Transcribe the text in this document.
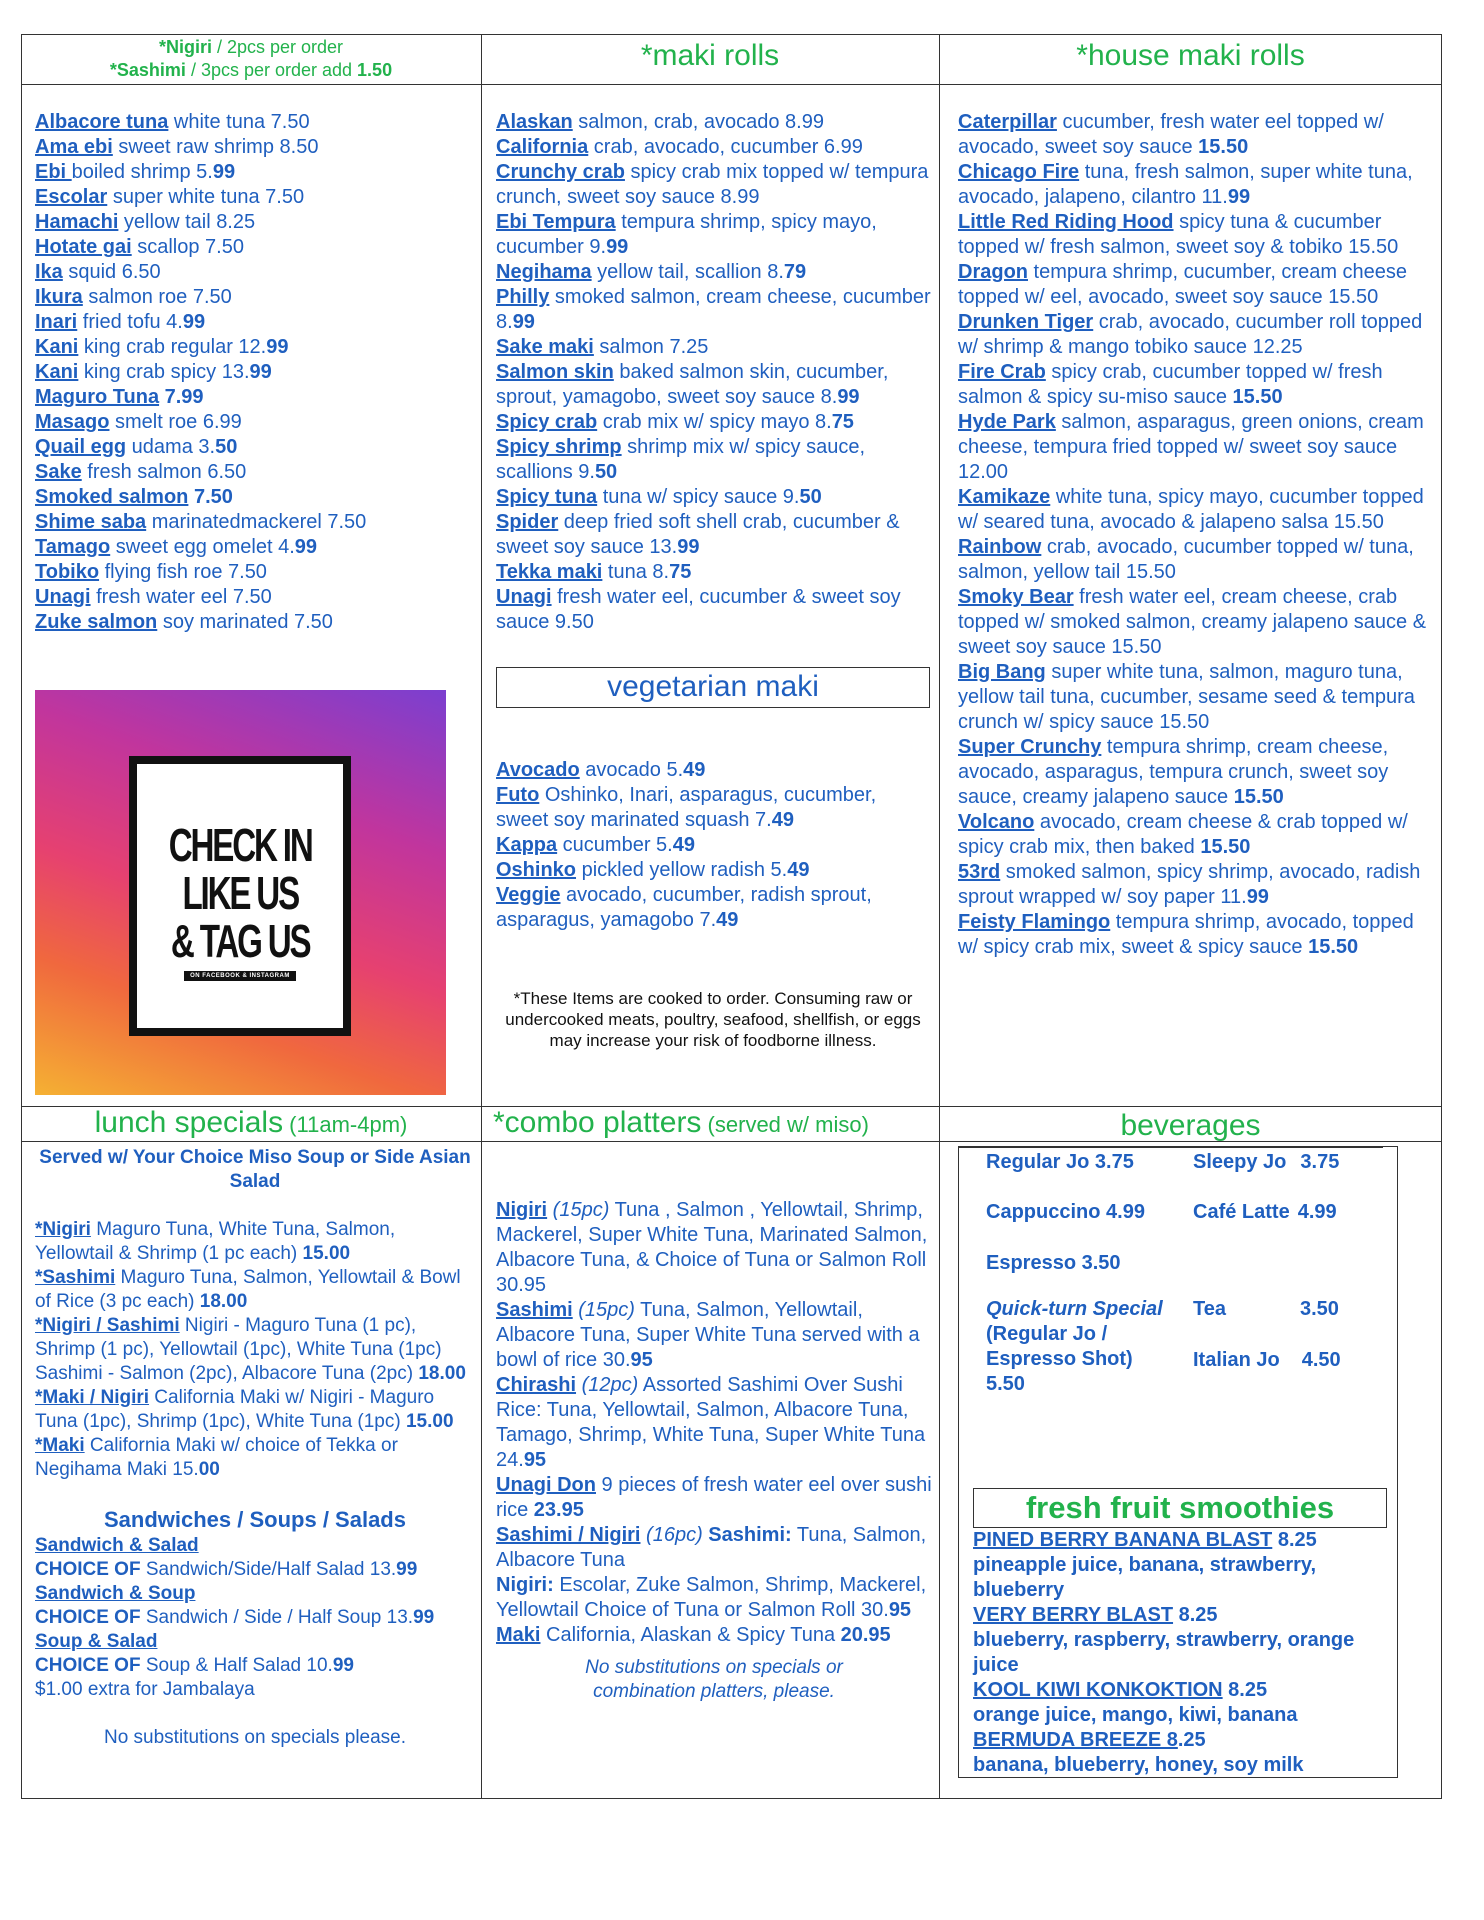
*Nigiri / 2pcs per order
*Sashimi / 3pcs per order add 1.50	*maki rolls	*house maki rolls
Albacore tuna white tuna 7.50
Ama ebi sweet raw shrimp 8.50
Ebi boiled shrimp 5.99
Escolar super white tuna 7.50
Hamachi yellow tail 8.25
Hotate gai scallop 7.50
Ika squid 6.50
Ikura salmon roe 7.50
Inari fried tofu 4.99
Kani king crab regular 12.99
Kani king crab spicy 13.99
Maguro Tuna 7.99
Masago smelt roe 6.99
Quail egg udama 3.50
Sake fresh salmon 6.50
Smoked salmon 7.50
Shime saba marinatedmackerel 7.50
Tamago sweet egg omelet 4.99
Tobiko flying fish roe 7.50
Unagi fresh water eel 7.50
Zuke salmon soy marinated 7.50
CHECK IN
LIKE US
& TAG US
ON FACEBOOK & INSTAGRAM
Alaskan salmon, crab, avocado 8.99
California crab, avocado, cucumber 6.99
Crunchy crab spicy crab mix topped w/ tempura crunch, sweet soy sauce 8.99
Ebi Tempura tempura shrimp, spicy mayo, cucumber 9.99
Negihama yellow tail, scallion 8.79
Philly smoked salmon, cream cheese, cucumber 8.99
Sake maki salmon 7.25
Salmon skin baked salmon skin, cucumber, sprout, yamagobo, sweet soy sauce 8.99
Spicy crab crab mix w/ spicy mayo 8.75
Spicy shrimp shrimp mix w/ spicy sauce, scallions 9.50
Spicy tuna tuna w/ spicy sauce 9.50
Spider deep fried soft shell crab, cucumber & sweet soy sauce 13.99
Tekka maki tuna 8.75
Unagi fresh water eel, cucumber & sweet soy sauce 9.50
vegetarian maki
Avocado avocado 5.49
Futo Oshinko, Inari, asparagus, cucumber, sweet soy marinated squash 7.49
Kappa cucumber 5.49
Oshinko pickled yellow radish 5.49
Veggie avocado, cucumber, radish sprout, asparagus, yamagobo 7.49
*These Items are cooked to order. Consuming raw or undercooked meats, poultry, seafood, shellfish, or eggs may increase your risk of foodborne illness.
Caterpillar cucumber, fresh water eel topped w/ avocado, sweet soy sauce 15.50
Chicago Fire tuna, fresh salmon, super white tuna, avocado, jalapeno, cilantro 11.99
Little Red Riding Hood spicy tuna & cucumber topped w/ fresh salmon, sweet soy & tobiko 15.50
Dragon tempura shrimp, cucumber, cream cheese topped w/ eel, avocado, sweet soy sauce 15.50
Drunken Tiger crab, avocado, cucumber roll topped w/ shrimp & mango tobiko sauce 12.25
Fire Crab spicy crab, cucumber topped w/ fresh salmon & spicy su-miso sauce 15.50
Hyde Park salmon, asparagus, green onions, cream cheese, tempura fried topped w/ sweet soy sauce 12.00
Kamikaze white tuna, spicy mayo, cucumber topped w/ seared tuna, avocado & jalapeno salsa 15.50
Rainbow crab, avocado, cucumber topped w/ tuna, salmon, yellow tail 15.50
Smoky Bear fresh water eel, cream cheese, crab topped w/ smoked salmon, creamy jalapeno sauce & sweet soy sauce 15.50
Big Bang super white tuna, salmon, maguro tuna, yellow tail tuna, cucumber, sesame seed & tempura crunch w/ spicy sauce 15.50
Super Crunchy tempura shrimp, cream cheese, avocado, asparagus, tempura crunch, sweet soy sauce, creamy jalapeno sauce 15.50
Volcano avocado, cream cheese & crab topped w/ spicy crab mix, then baked 15.50
53rd smoked salmon, spicy shrimp, avocado, radish sprout wrapped w/ soy paper 11.99
Feisty Flamingo tempura shrimp, avocado, topped w/ spicy crab mix, sweet & spicy sauce 15.50
lunch specials (11am-4pm)	*combo platters (served w/ miso)	beverages
Served w/ Your Choice Miso Soup or Side Asian Salad
*Nigiri Maguro Tuna, White Tuna, Salmon, Yellowtail & Shrimp (1 pc each) 15.00
*Sashimi Maguro Tuna, Salmon, Yellowtail & Bowl of Rice (3 pc each) 18.00
*Nigiri / Sashimi Nigiri - Maguro Tuna (1 pc), Shrimp (1 pc), Yellowtail (1pc), White Tuna (1pc) Sashimi - Salmon (2pc), Albacore Tuna (2pc) 18.00
*Maki / Nigiri California Maki w/ Nigiri - Maguro Tuna (1pc), Shrimp (1pc), White Tuna (1pc) 15.00
*Maki California Maki w/ choice of Tekka or Negihama Maki 15.00
Sandwiches / Soups / Salads
Sandwich & Salad
CHOICE OF Sandwich/Side/Half Salad 13.99
Sandwich & Soup
CHOICE OF Sandwich / Side / Half Soup 13.99
Soup & Salad
CHOICE OF Soup & Half Salad 10.99
$1.00 extra for Jambalaya
No substitutions on specials please.
Nigiri (15pc) Tuna , Salmon , Yellowtail, Shrimp, Mackerel, Super White Tuna, Marinated Salmon, Albacore Tuna, & Choice of Tuna or Salmon Roll 30.95
Sashimi (15pc) Tuna, Salmon, Yellowtail, Albacore Tuna, Super White Tuna served with a bowl of rice 30.95
Chirashi (12pc) Assorted Sashimi Over Sushi Rice: Tuna, Yellowtail, Salmon, Albacore Tuna, Tamago, Shrimp, White Tuna, Super White Tuna 24.95
Unagi Don 9 pieces of fresh water eel over sushi rice 23.95
Sashimi / Nigiri (16pc) Sashimi: Tuna, Salmon, Albacore Tuna
Nigiri: Escolar, Zuke Salmon, Shrimp, Mackerel, Yellowtail Choice of Tuna or Salmon Roll 30.95
Maki California, Alaskan & Spicy Tuna 20.95
No substitutions on specials or combination platters, please.
Regular Jo 3.75	Sleepy Jo 3.75
Cappuccino 4.99 Café Latte 4.99
Espresso 3.50
Quick-turn Special
(Regular Jo / Espresso Shot)
5.50
Tea	3.50
Italian Jo 4.50
fresh fruit smoothies
PINED BERRY BANANA BLAST 8.25
pineapple juice, banana, strawberry, blueberry
VERY BERRY BLAST 8.25
blueberry, raspberry, strawberry, orange juice
KOOL KIWI KONKOKTION 8.25
orange juice, mango, kiwi, banana
BERMUDA BREEZE 8.25
banana, blueberry, honey, soy milk
